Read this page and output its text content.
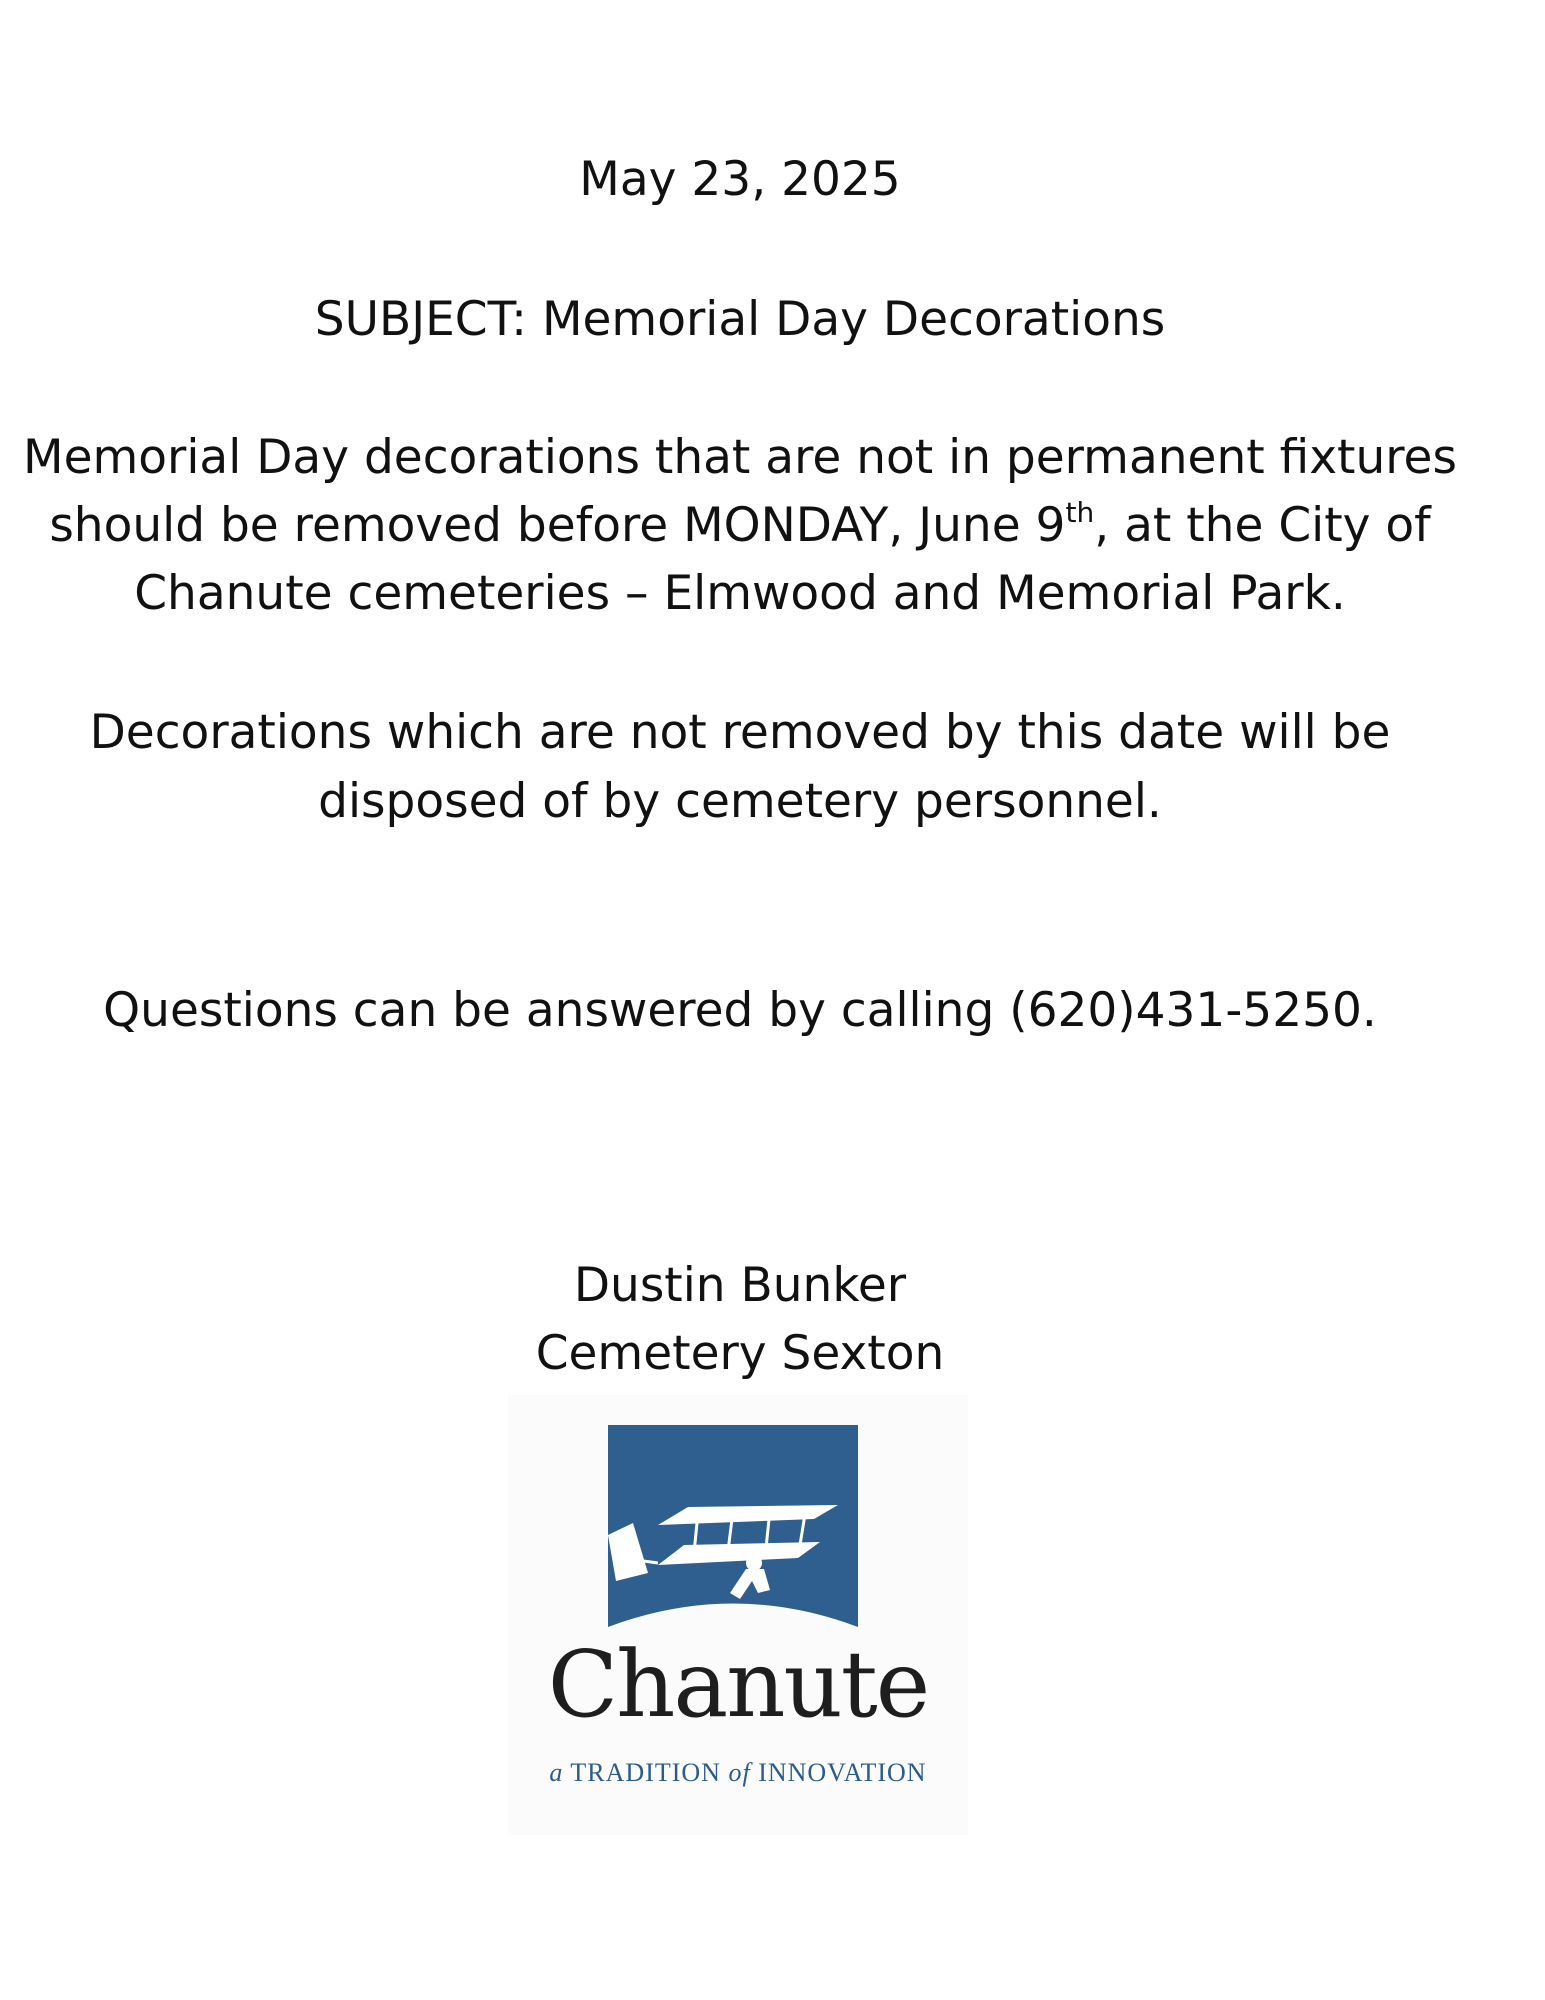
May 23, 2025
SUBJECT: Memorial Day Decorations
Memorial Day decorations that are not in permanent fixtures
should be removed before MONDAY, June 9th, at the City of
Chanute cemeteries – Elmwood and Memorial Park.
Decorations which are not removed by this date will be
disposed of by cemetery personnel.
Questions can be answered by calling (620)431-5250.
Dustin Bunker
Cemetery Sexton
Chanute
a TRADITION of INNOVATION
